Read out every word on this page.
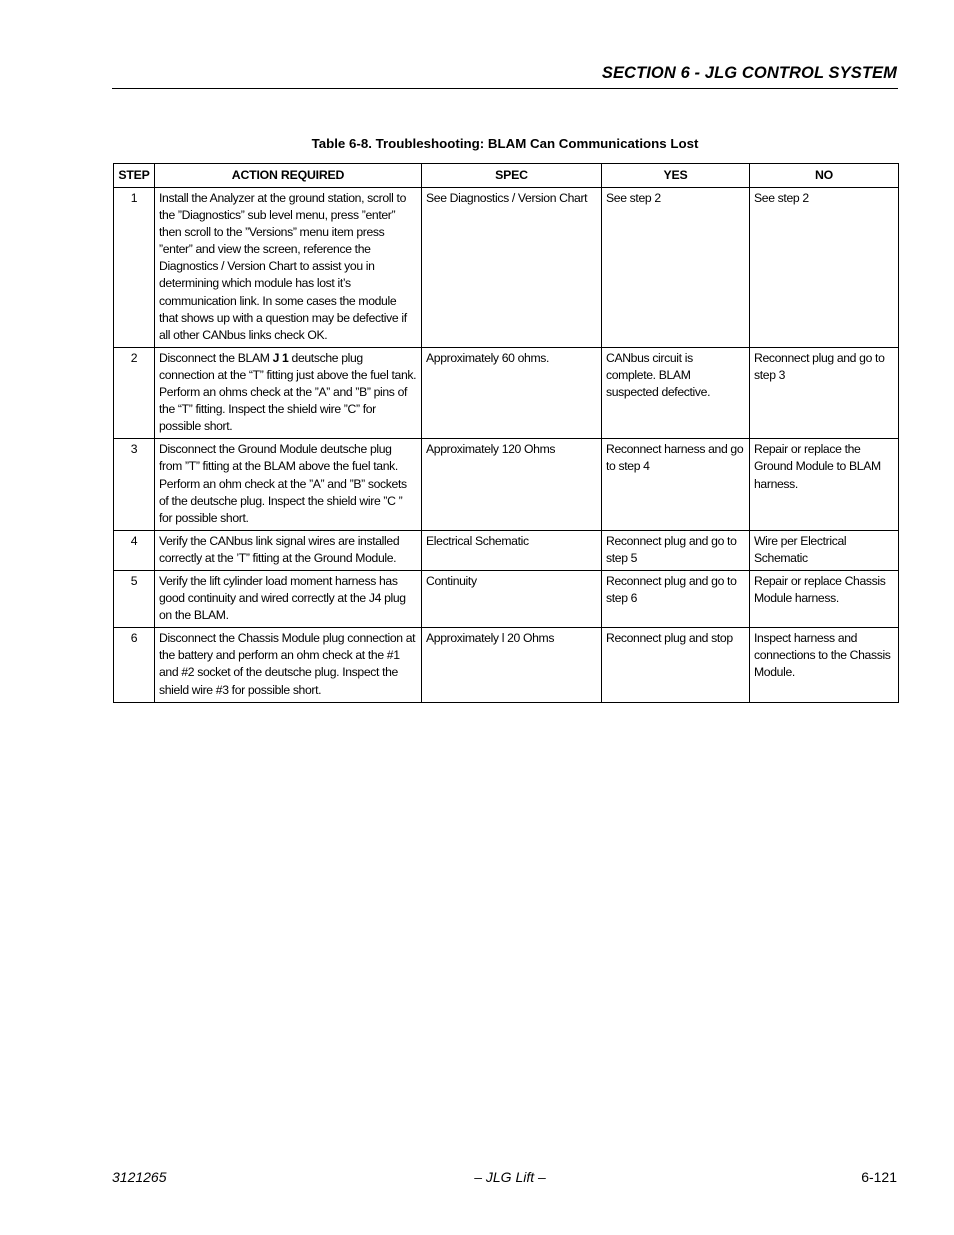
SECTION 6 - JLG CONTROL SYSTEM
Table 6-8. Troubleshooting: BLAM Can Communications Lost
STEP	ACTION REQUIRED	SPEC	YES	NO
1	Install the Analyzer at the ground station, scroll to the ”Diagnostics” sub level menu, press ”enter” then scroll to the ”Versions” menu item press ”enter” and view the screen, reference the Diagnostics / Version Chart to assist you in determining which module has lost it’s communication link. In some cases the module that shows up with a question may be defective if all other CANbus links check OK.	See Diagnostics / Version Chart	See step 2	See step 2
2	Disconnect the BLAM J 1 deutsche plug connection at the “T” fitting just above the fuel tank. Perform an ohms check at the ”A” and ”B” pins of the “T” fitting. Inspect the shield wire ”C” for possible short.	Approximately 60 ohms.	CANbus circuit is complete. BLAM suspected defective.	Reconnect plug and go to step 3
3	Disconnect the Ground Module deutsche plug from ”T” fitting at the BLAM above the fuel tank. Perform an ohm check at the ”A” and ”B” sockets of the deutsche plug. Inspect the shield wire ”C ” for possible short.	Approximately 120 Ohms	Reconnect harness and go to step 4	Repair or replace the Ground Module to BLAM harness.
4	Verify the CANbus link signal wires are installed correctly at the ’T” fitting at the Ground Module.	Electrical Schematic	Reconnect plug and go to step 5	Wire per Electrical Schematic
5	Verify the lift cylinder load moment harness has good continuity and wired correctly at the J4 plug on the BLAM.	Continuity	Reconnect plug and go to step 6	Repair or replace Chassis Module harness.
6	Disconnect the Chassis Module plug connection at the battery and perform an ohm check at the #1 and #2 socket of the deutsche plug. Inspect the shield wire #3 for possible short.	Approximately l 20 Ohms	Reconnect plug and stop	Inspect harness and connections to the Chassis Module.
3121265	– JLG Lift –	6-121
